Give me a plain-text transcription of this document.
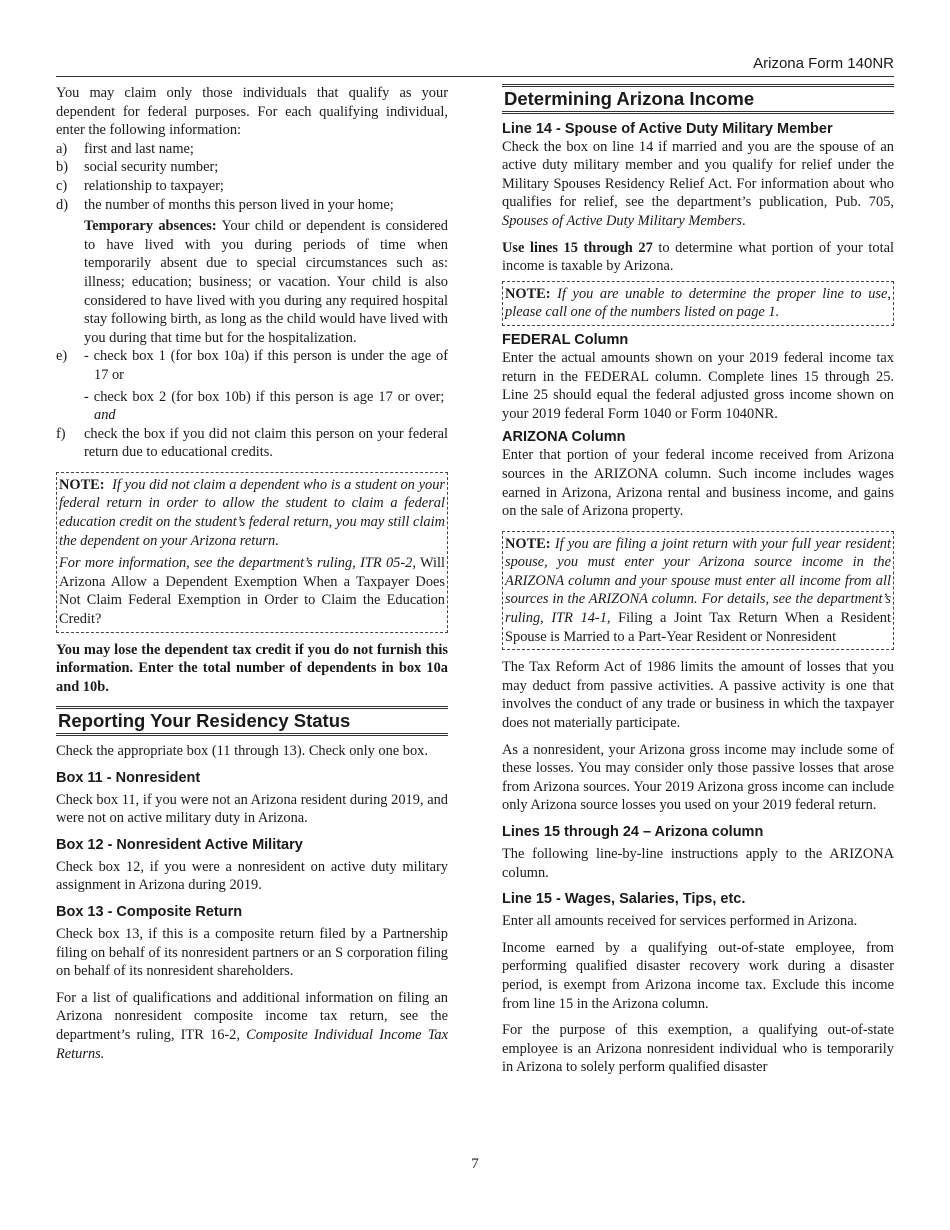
Arizona Form 140NR

You may claim only those individuals that qualify as your dependent for federal purposes. For each qualifying individual, enter the following information:

a)	first and last name;
b)	social security number;
c)	relationship to taxpayer;
d)	the number of months this person lived in your home;

Temporary absences: Your child or dependent is considered to have lived with you during periods of time when temporarily absent due to special circumstances such as: illness; education; business; or vacation. Your child is also considered to have lived with you during any required hospital stay following birth, as long as the child would have lived with you during that time but for the hospitalization.

e)	- check box 1 (for box 10a) if this person is under the age of 17 or
- check box 2 (for box 10b) if this person is age 17 or over;  and
f)	check the box if you did not claim this person on your federal return due to educational credits.

NOTE: If you did not claim a dependent who is a student on your federal return in order to allow the student to claim a federal education credit on the student’s federal return, you may still claim the dependent on your Arizona return.

For more information, see the department’s ruling, ITR 05-2, Will Arizona Allow a Dependent Exemption When a Taxpayer Does Not Claim Federal Exemption in Order to Claim the Education Credit?

You may lose the dependent tax credit if you do not furnish this information. Enter the total number of dependents in box 10a and 10b.

Reporting Your Residency Status

Check the appropriate box (11 through 13). Check only one box.

Box 11 - Nonresident

Check box 11, if you were not an Arizona resident during 2019, and were not on active military duty in Arizona.

Box 12 - Nonresident Active Military

Check box 12, if you were a nonresident on active duty military assignment in Arizona during 2019.

Box 13 - Composite Return

Check box 13, if this is a composite return filed by a Partnership filing on behalf of its nonresident partners or an S corporation filing on behalf of its nonresident shareholders.

For a list of qualifications and additional information on filing an Arizona nonresident composite income tax return, see the department’s ruling, ITR 16-2, Composite Individual Income Tax Returns.

Determining Arizona Income
Line 14 - Spouse of Active Duty Military Member

Check the box on line 14 if married and you are the spouse of an active duty military member and you qualify for relief under the Military Spouses Residency Relief Act. For information about who qualifies for relief, see the department’s publication, Pub. 705, Spouses of Active Duty Military Members.

Use lines 15 through 27 to determine what portion of your total income is taxable by Arizona.

NOTE: If you are unable to determine the proper line to use, please call one of the numbers listed on page 1.

FEDERAL Column

Enter the actual amounts shown on your 2019 federal income tax return in the FEDERAL column. Complete lines 15 through 25. Line 25 should equal the federal adjusted gross income shown on your 2019 federal Form 1040 or Form 1040NR.

ARIZONA Column

Enter that portion of your federal income received from Arizona sources in the ARIZONA column. Such income includes wages earned in Arizona, Arizona rental and business income, and gains on the sale of Arizona property.

NOTE: If you are filing a joint return with your full year resident spouse, you must enter your Arizona source income in the ARIZONA column and your spouse must enter all income from all sources in the ARIZONA column. For details, see the department’s ruling, ITR 14-1, Filing a Joint Tax Return When a Resident Spouse is Married to a Part-Year Resident or Nonresident

The Tax Reform Act of 1986 limits the amount of losses that you may deduct from passive activities. A passive activity is one that involves the conduct of any trade or business in which the taxpayer does not materially participate.

As a nonresident, your Arizona gross income may include some of these losses. You may consider only those passive losses that arose from Arizona sources. Your 2019 Arizona gross income can include only Arizona source losses you used on your 2019 federal return.

Lines 15 through 24 – Arizona column

The following line-by-line instructions apply to the ARIZONA column.

Line 15 - Wages, Salaries, Tips, etc.

Enter all amounts received for services performed in Arizona.

Income earned by a qualifying out-of-state employee, from performing qualified disaster recovery work during a disaster period, is exempt from Arizona income tax. Exclude this income from line 15 in the Arizona column.

For the purpose of this exemption, a qualifying out-of-state employee is an Arizona nonresident individual who is temporarily in Arizona to solely perform qualified disaster

7
